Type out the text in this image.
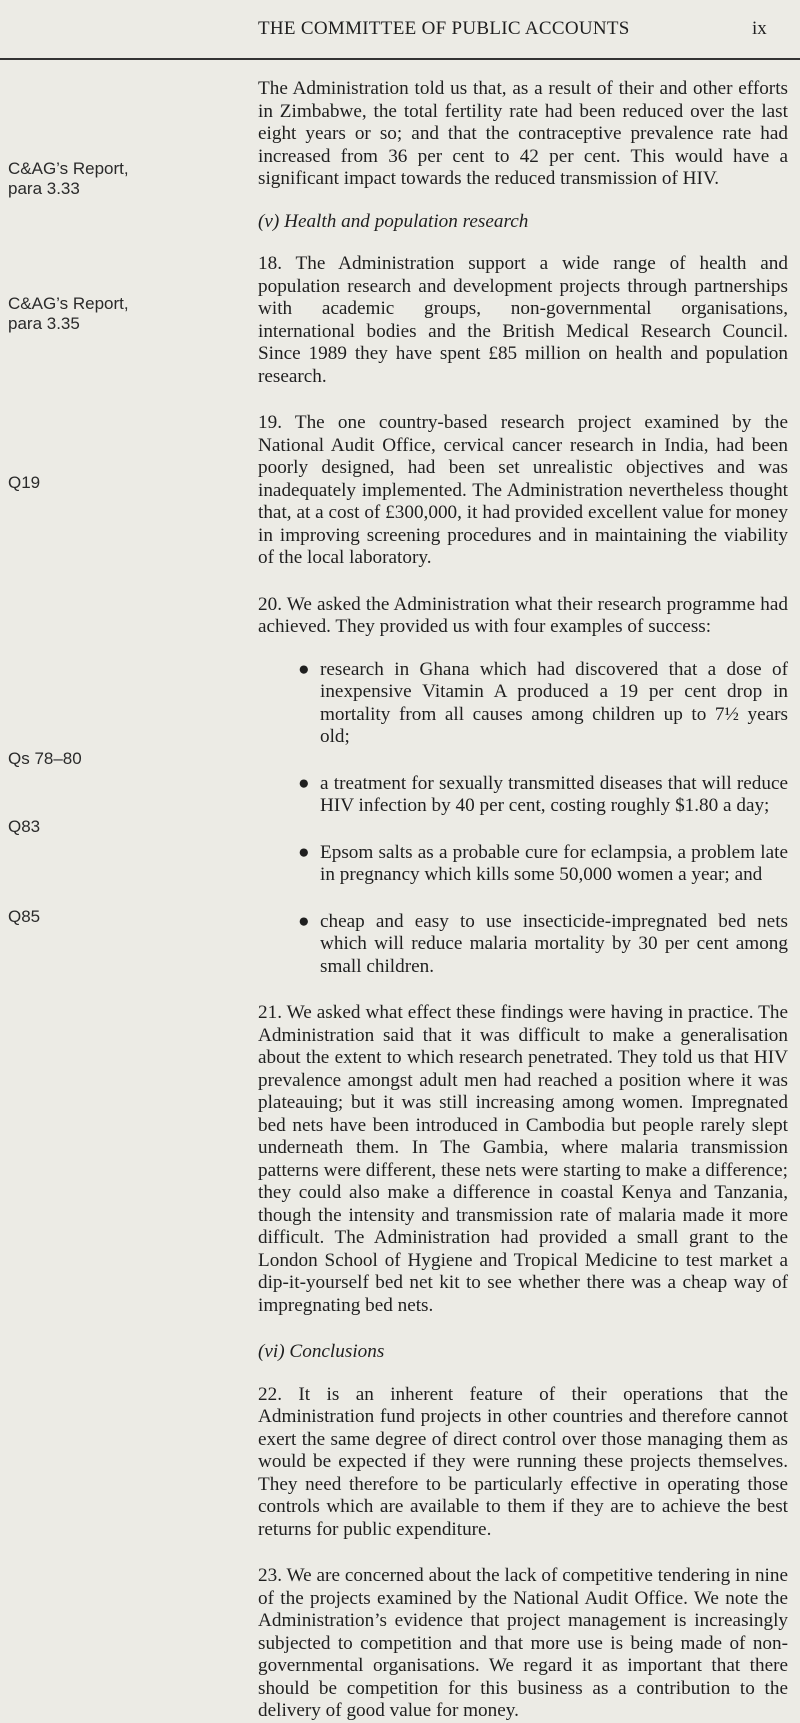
THE COMMITTEE OF PUBLIC ACCOUNTS	ix

C&AG’s Report,
para 3.33

C&AG’s Report,
para 3.35

Q19

Qs 78–80

Q83

Q85

The Administration told us that, as a result of their and other efforts in Zimbabwe, the total fertility rate had been reduced over the last eight years or so; and that the contraceptive prevalence rate had increased from 36 per cent to 42 per cent. This would have a significant impact towards the reduced transmission of HIV.

(v) Health and population research

18. The Administration support a wide range of health and population research and development projects through partnerships with academic groups, non-governmental organisations, international bodies and the British Medical Research Council. Since 1989 they have spent £85 million on health and population research.

19. The one country-based research project examined by the National Audit Office, cervical cancer research in India, had been poorly designed, had been set unrealistic objectives and was inadequately implemented. The Administration nevertheless thought that, at a cost of £300,000, it had provided excellent value for money in improving screening procedures and in maintaining the viability of the local laboratory.

20. We asked the Administration what their research programme had achieved. They provided us with four examples of success:

● research in Ghana which had discovered that a dose of inexpensive Vitamin A produced a 19 per cent drop in mortality from all causes among children up to 7½ years old;
● a treatment for sexually transmitted diseases that will reduce HIV infection by 40 per cent, costing roughly $1.80 a day;
● Epsom salts as a probable cure for eclampsia, a problem late in pregnancy which kills some 50,000 women a year; and
● cheap and easy to use insecticide-impregnated bed nets which will reduce malaria mortality by 30 per cent among small children.

21. We asked what effect these findings were having in practice. The Administration said that it was difficult to make a generalisation about the extent to which research penetrated. They told us that HIV prevalence amongst adult men had reached a position where it was plateauing; but it was still increasing among women. Impregnated bed nets have been introduced in Cambodia but people rarely slept underneath them. In The Gambia, where malaria transmission patterns were different, these nets were starting to make a difference; they could also make a difference in coastal Kenya and Tanzania, though the intensity and transmission rate of malaria made it more difficult. The Administration had provided a small grant to the London School of Hygiene and Tropical Medicine to test market a dip-it-yourself bed net kit to see whether there was a cheap way of impregnating bed nets.

(vi) Conclusions

22. It is an inherent feature of their operations that the Administration fund projects in other countries and therefore cannot exert the same degree of direct control over those managing them as would be expected if they were running these projects themselves. They need therefore to be particularly effective in operating those controls which are available to them if they are to achieve the best returns for public expenditure.

23. We are concerned about the lack of competitive tendering in nine of the projects examined by the National Audit Office. We note the Administration’s evidence that project management is increasingly subjected to competition and that more use is being made of non-governmental organisations. We regard it as important that there should be competition for this business as a contribution to the delivery of good value for money.
